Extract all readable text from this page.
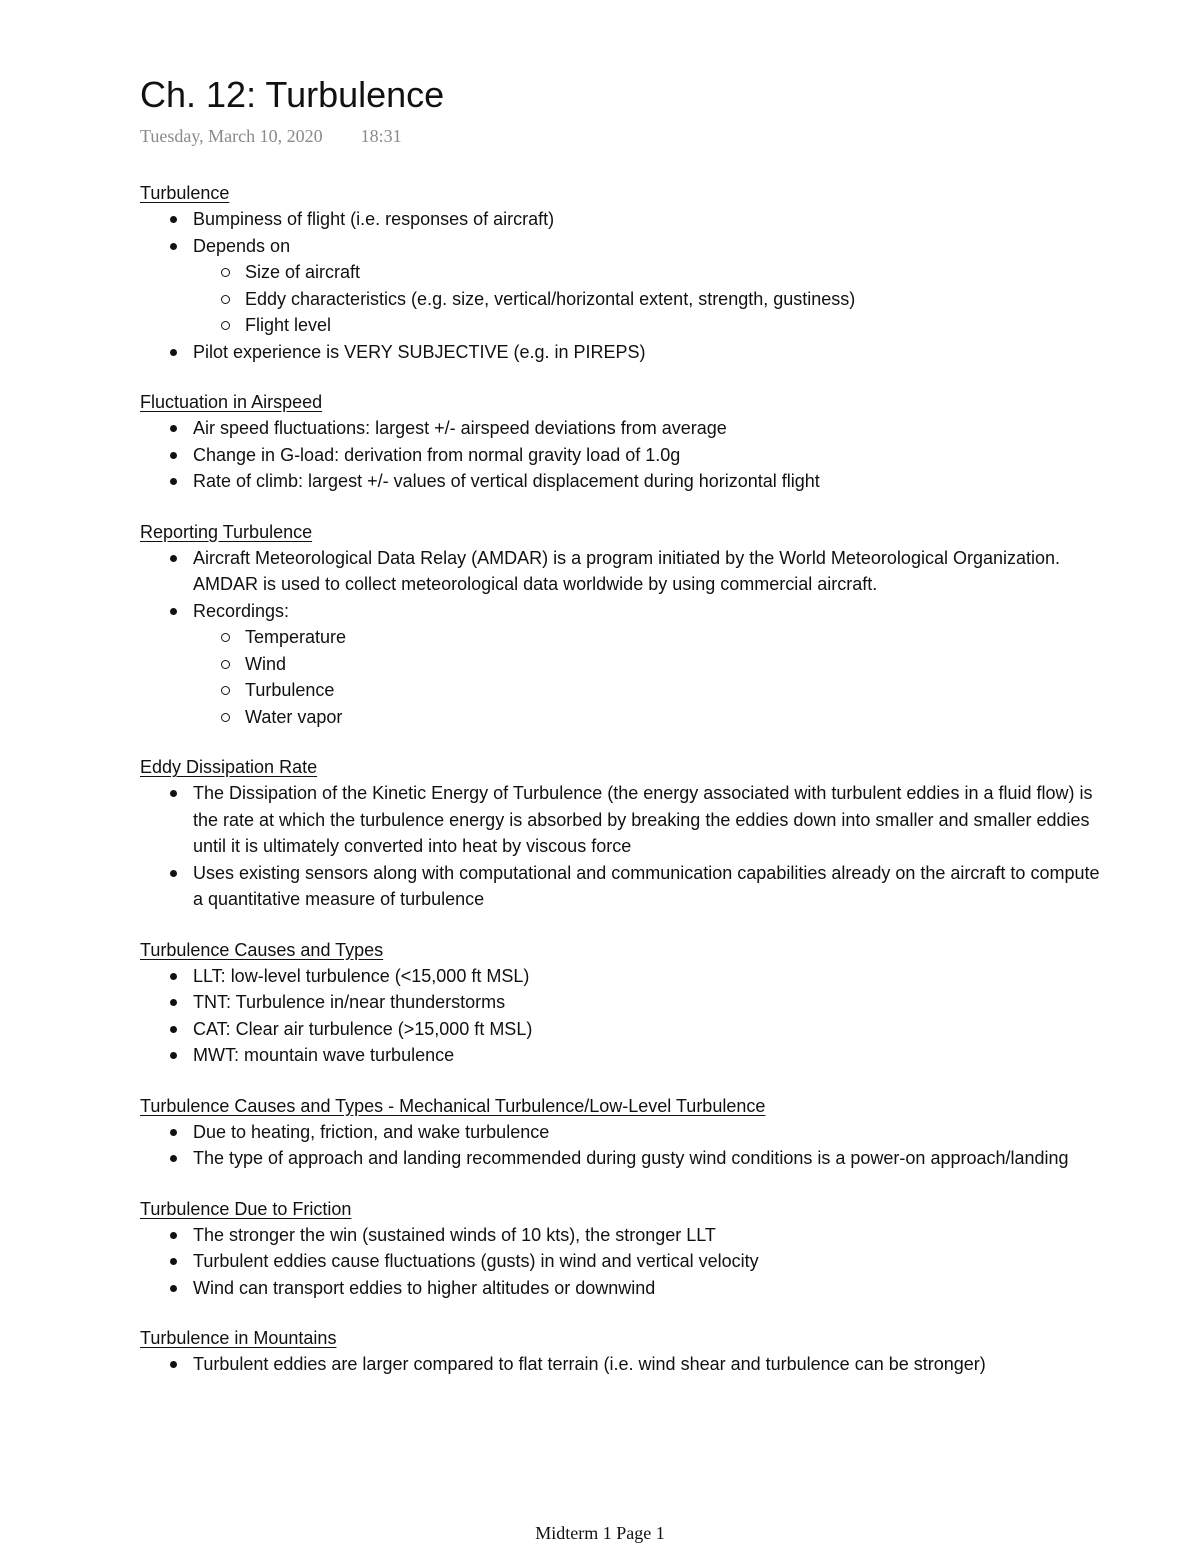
Ch. 12: Turbulence
Tuesday, March 10, 2020 18:31
Turbulence
Bumpiness of flight (i.e. responses of aircraft)
Depends on
Size of aircraft
Eddy characteristics (e.g. size, vertical/horizontal extent, strength, gustiness)
Flight level
Pilot experience is VERY SUBJECTIVE (e.g. in PIREPS)
Fluctuation in Airspeed
Air speed fluctuations: largest +/- airspeed deviations from average
Change in G-load: derivation from normal gravity load of 1.0g
Rate of climb: largest +/- values of vertical displacement during horizontal flight
Reporting Turbulence
Aircraft Meteorological Data Relay (AMDAR) is a program initiated by the World Meteorological Organization. AMDAR is used to collect meteorological data worldwide by using commercial aircraft.
Recordings:
Temperature
Wind
Turbulence
Water vapor
Eddy Dissipation Rate
The Dissipation of the Kinetic Energy of Turbulence (the energy associated with turbulent eddies in a fluid flow) is the rate at which the turbulence energy is absorbed by breaking the eddies down into smaller and smaller eddies until it is ultimately converted into heat by viscous force
Uses existing sensors along with computational and communication capabilities already on the aircraft to compute a quantitative measure of turbulence
Turbulence Causes and Types
LLT: low-level turbulence (<15,000 ft MSL)
TNT: Turbulence in/near thunderstorms
CAT: Clear air turbulence (>15,000 ft MSL)
MWT: mountain wave turbulence
Turbulence Causes and Types - Mechanical Turbulence/Low-Level Turbulence
Due to heating, friction, and wake turbulence
The type of approach and landing recommended during gusty wind conditions is a power-on approach/landing
Turbulence Due to Friction
The stronger the win (sustained winds of 10 kts), the stronger LLT
Turbulent eddies cause fluctuations (gusts) in wind and vertical velocity
Wind can transport eddies to higher altitudes or downwind
Turbulence in Mountains
Turbulent eddies are larger compared to flat terrain (i.e. wind shear and turbulence can be stronger)
Midterm 1 Page 1
